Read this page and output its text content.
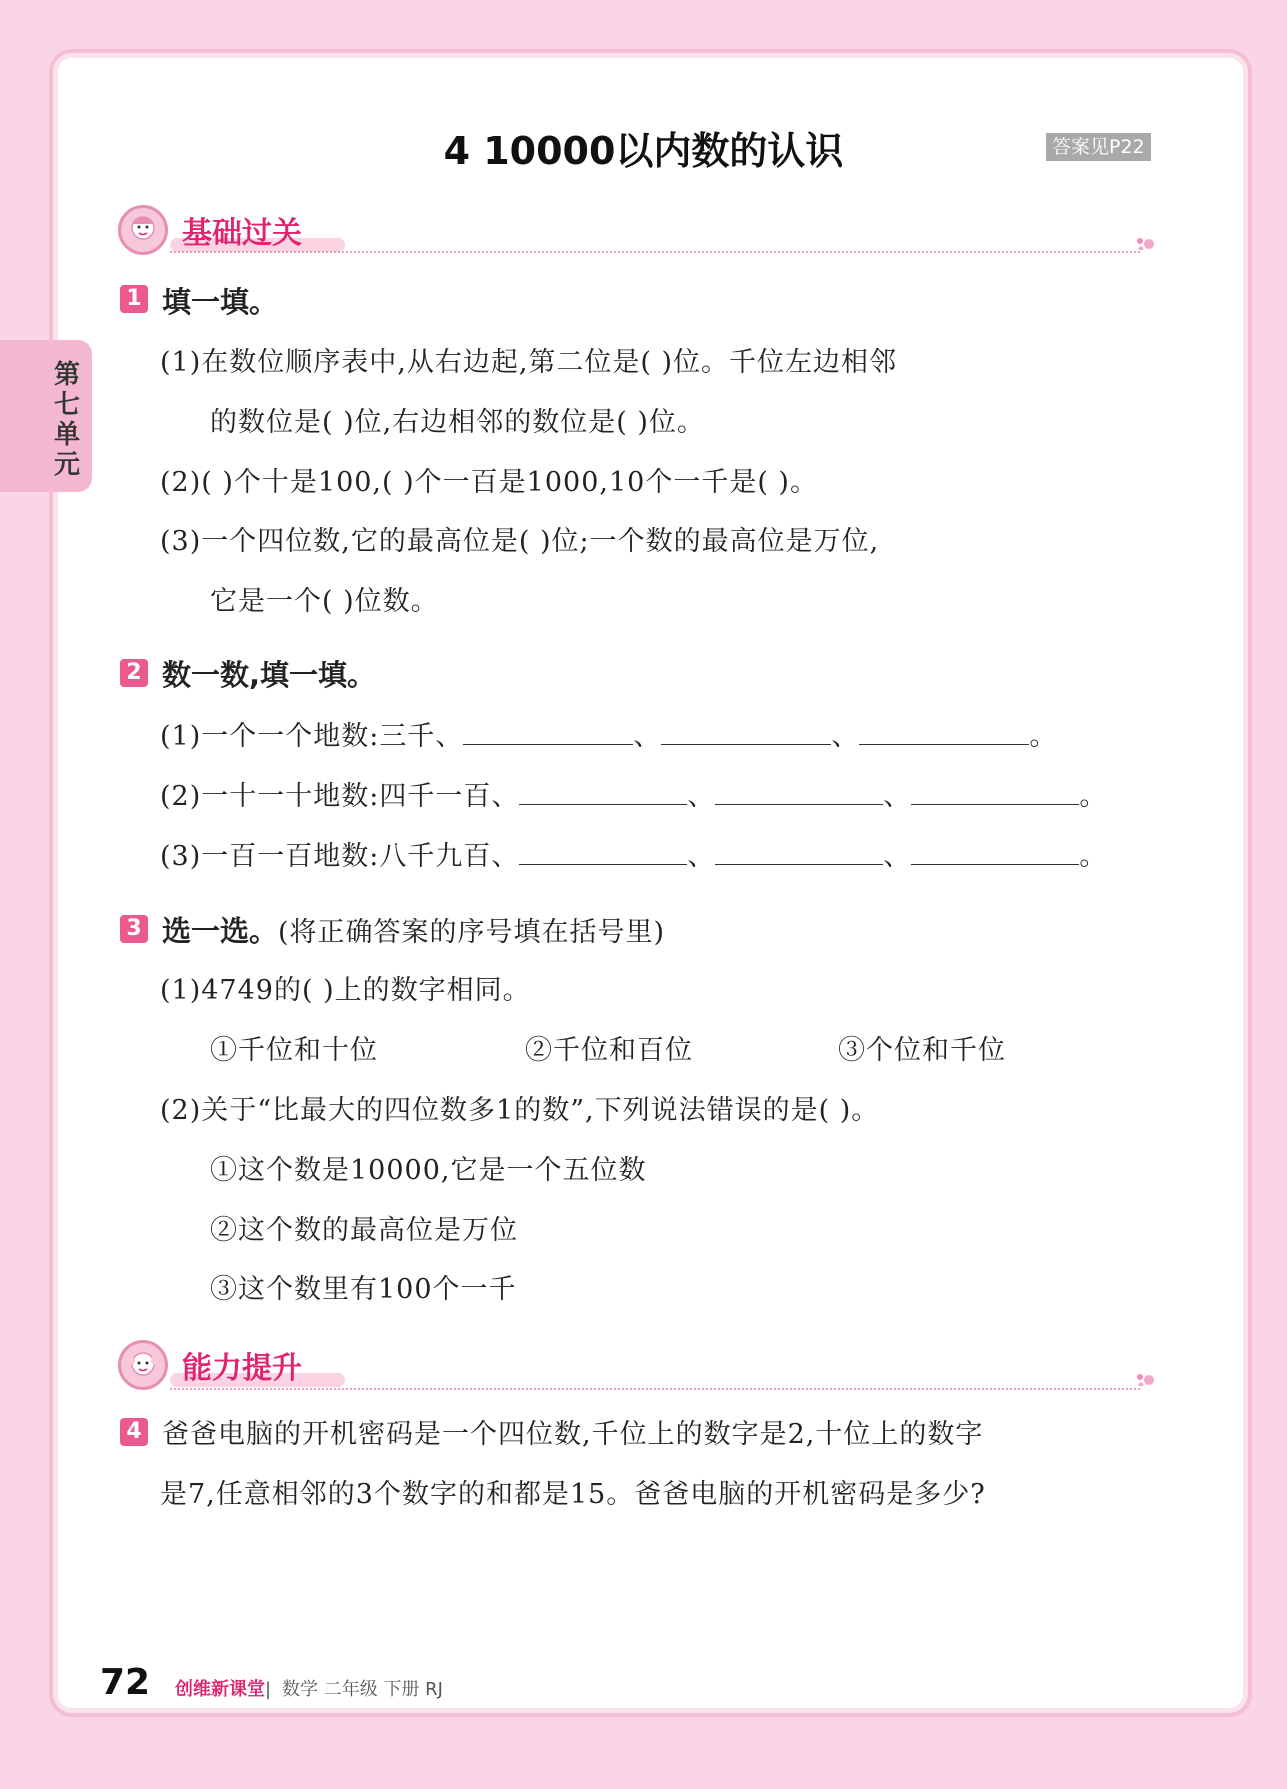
第七单元
4 10000以内数的认识	答案见P22
基础过关
1 填一填。
(1)在数位顺序表中,从右边起,第二位是( )位。千位左边相邻
的数位是( )位,右边相邻的数位是( )位。
(2)( )个十是100,( )个一百是1000,10个一千是( )。
(3)一个四位数,它的最高位是( )位;一个数的最高位是万位,
它是一个( )位数。
2 数一数,填一填。
(1)一个一个地数:三千、	、	、	。
(2)一十一十地数:四千一百、	、	、	。
(3)一百一百地数:八千九百、	、	、	。
3 选一选。(将正确答案的序号填在括号里)
(1)4749的( )上的数字相同。
①千位和十位	②千位和百位	③个位和千位
(2)关于“比最大的四位数多1的数”,下列说法错误的是( )。
①这个数是10000,它是一个五位数
②这个数的最高位是万位
③这个数里有100个一千
能力提升
4 爸爸电脑的开机密码是一个四位数,千位上的数字是2,十位上的数字
是7,任意相邻的3个数字的和都是15。爸爸电脑的开机密码是多少?
72 创维新课堂| 数学 二年级 下册 RJ
